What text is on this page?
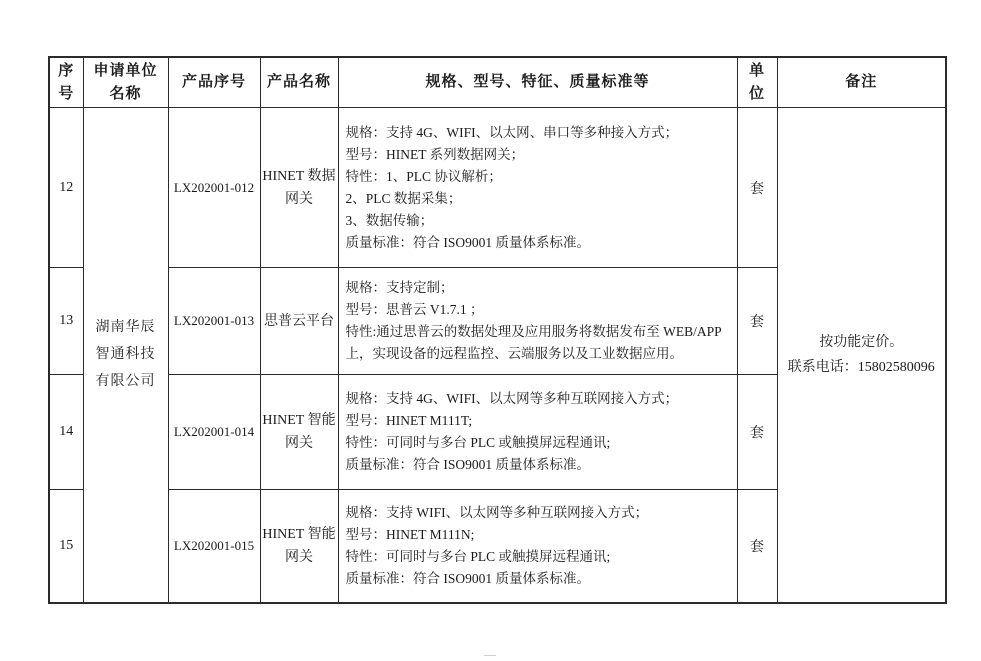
序号	申请单位名称	产品序号	产品名称	规格、型号、特征、质量标准等	单位	备注
12	湖南华辰智通科技有限公司	LX202001-012	HINET 数据网关	
规格：支持 4G、WIFI、以太网、串口等多种接入方式；
型号：HINET 系列数据网关；
特性：1、PLC 协议解析；
2、PLC 数据采集；
3、数据传输；
质量标准：符合 ISO9001 质量体系标准。
	套	
按功能定价。
联系电话：15802580096

13		LX202001-013	思普云平台	规格：支持定制；
型号：思普云 V1.7.1 ；
特性:通过思普云的数据处理及应用服务将数据发布至 WEB/APP
上，实现设备的远程监控、云端服务以及工业数据应用。	套	
14		LX202001-014	HINET 智能网关	规格：支持 4G、WIFI、以太网等多种互联网接入方式；
型号：HINET M111T;
特性：可同时与多台 PLC 或触摸屏远程通讯;
质量标准：符合 ISO9001 质量体系标准。	套	
15		LX202001-015	HINET 智能网关	规格：支持 WIFI、以太网等多种互联网接入方式；
型号：HINET M111N;
特性：可同时与多台 PLC 或触摸屏远程通讯;
质量标准：符合 ISO9001 质量体系标准。	套	
—
